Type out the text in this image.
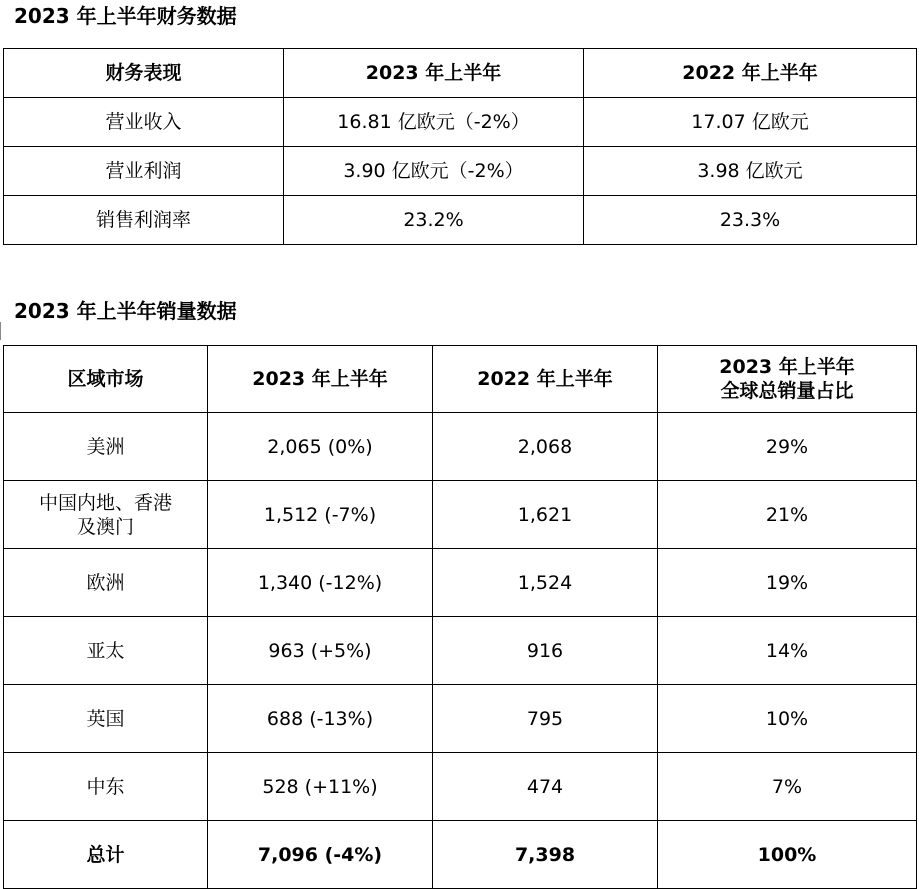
2023 年上半年财务数据
财务表现	2023 年上半年	2022 年上半年
营业收入	16.81 亿欧元（-2%）	17.07 亿欧元
营业利润	3.90 亿欧元（-2%）	3.98 亿欧元
销售利润率	23.2%	23.3%
2023 年上半年销量数据
区域市场	2023 年上半年	2022 年上半年	2023 年上半年
全球总销量占比
美洲	2,065 (0%)	2,068	29%
中国内地、香港
及澳门	1,512 (-7%)	1,621	21%
欧洲	1,340 (-12%)	1,524	19%
亚太	963 (+5%)	916	14%
英国	688 (-13%)	795	10%
中东	528 (+11%)	474	7%
总计	7,096 (-4%)	7,398	100%
